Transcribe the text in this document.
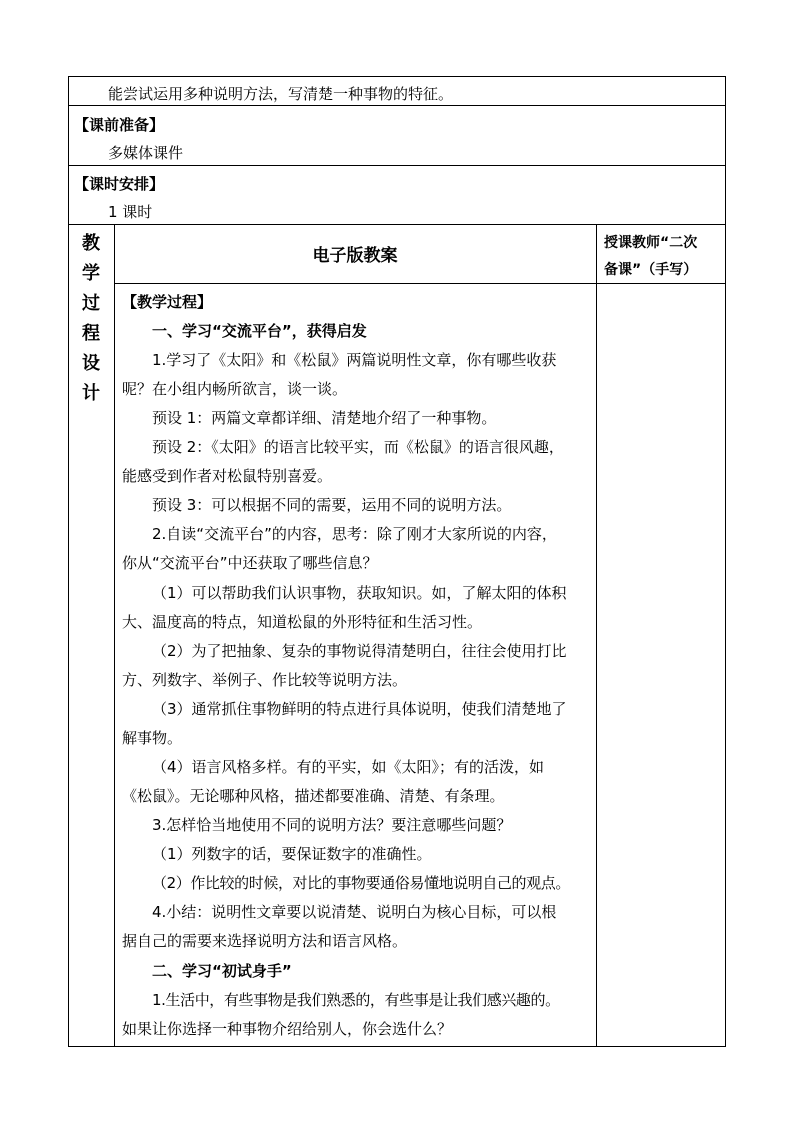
能尝试运用多种说明方法，写清楚一种事物的特征。
【课前准备】
多媒体课件
【课时安排】
1 课时
教
学
过
程
设
计
电子版教案
授课教师“二次
备课”（手写）
【教学过程】
一、学习“交流平台”，获得启发
1.学习了《太阳》和《松鼠》两篇说明性文章，你有哪些收获
呢？在小组内畅所欲言，谈一谈。
预设 1：两篇文章都详细、清楚地介绍了一种事物。
预设 2：《太阳》的语言比较平实，而《松鼠》的语言很风趣，
能感受到作者对松鼠特别喜爱。
预设 3：可以根据不同的需要，运用不同的说明方法。
2.自读“交流平台”的内容，思考：除了刚才大家所说的内容，
你从“交流平台”中还获取了哪些信息？
（1）可以帮助我们认识事物，获取知识。如，了解太阳的体积
大、温度高的特点，知道松鼠的外形特征和生活习性。
（2）为了把抽象、复杂的事物说得清楚明白，往往会使用打比
方、列数字、举例子、作比较等说明方法。
（3）通常抓住事物鲜明的特点进行具体说明，使我们清楚地了
解事物。
（4）语言风格多样。有的平实，如《太阳》；有的活泼，如
《松鼠》。无论哪种风格，描述都要准确、清楚、有条理。
3.怎样恰当地使用不同的说明方法？要注意哪些问题？
（1）列数字的话，要保证数字的准确性。
（2）作比较的时候，对比的事物要通俗易懂地说明自己的观点。
4.小结：说明性文章要以说清楚、说明白为核心目标，可以根
据自己的需要来选择说明方法和语言风格。
二、学习“初试身手”
1.生活中，有些事物是我们熟悉的，有些事是让我们感兴趣的。
如果让你选择一种事物介绍给别人，你会选什么？
